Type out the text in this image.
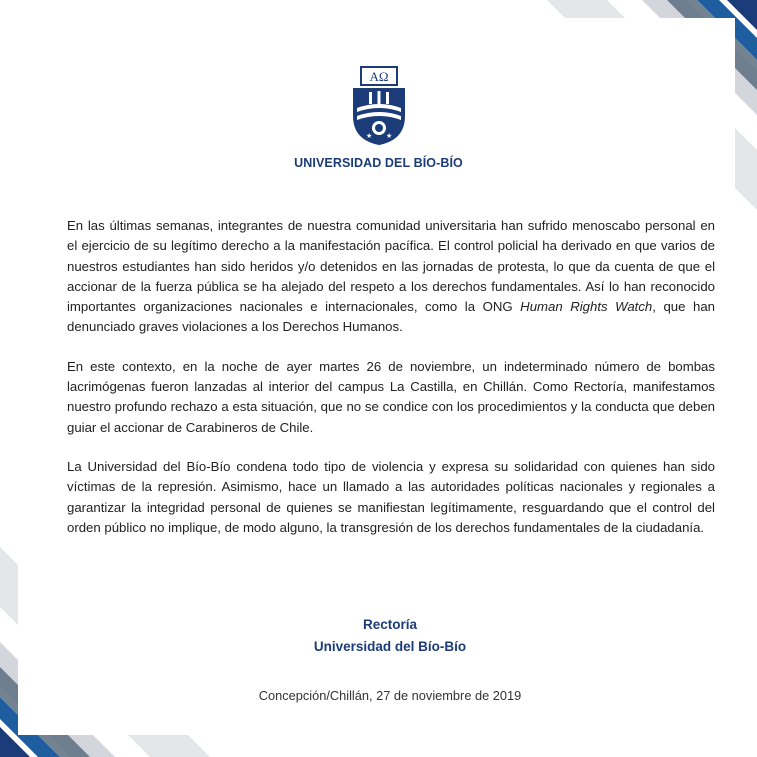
AΩ
★ ★
UNIVERSIDAD DEL BÍO-BÍO

En las últimas semanas, integrantes de nuestra comunidad universitaria han sufrido menoscabo personal en el ejercicio de su legítimo derecho a la manifestación pacífica. El control policial ha derivado en que varios de nuestros estudiantes han sido heridos y/o detenidos en las jornadas de protesta, lo que da cuenta de que el accionar de la fuerza pública se ha alejado del respeto a los derechos fundamentales. Así lo han reconocido importantes organizaciones nacionales e internacionales, como la ONG Human Rights Watch, que han denunciado graves violaciones a los Derechos Humanos.

En este contexto, en la noche de ayer martes 26 de noviembre, un indeterminado número de bombas lacrimógenas fueron lanzadas al interior del campus La Castilla, en Chillán. Como Rectoría, manifestamos nuestro profundo rechazo a esta situación, que no se condice con los procedimientos y la conducta que deben guiar el accionar de Carabineros de Chile.

La Universidad del Bío-Bío condena todo tipo de violencia y expresa su solidaridad con quienes han sido víctimas de la represión. Asimismo, hace un llamado a las autoridades políticas nacionales y regionales a garantizar la integridad personal de quienes se manifiestan legítimamente, resguardando que el control del orden público no implique, de modo alguno, la transgresión de los derechos fundamentales de la ciudadanía.

Rectoría
Universidad del Bío-Bío
Concepción/Chillán, 27 de noviembre de 2019
